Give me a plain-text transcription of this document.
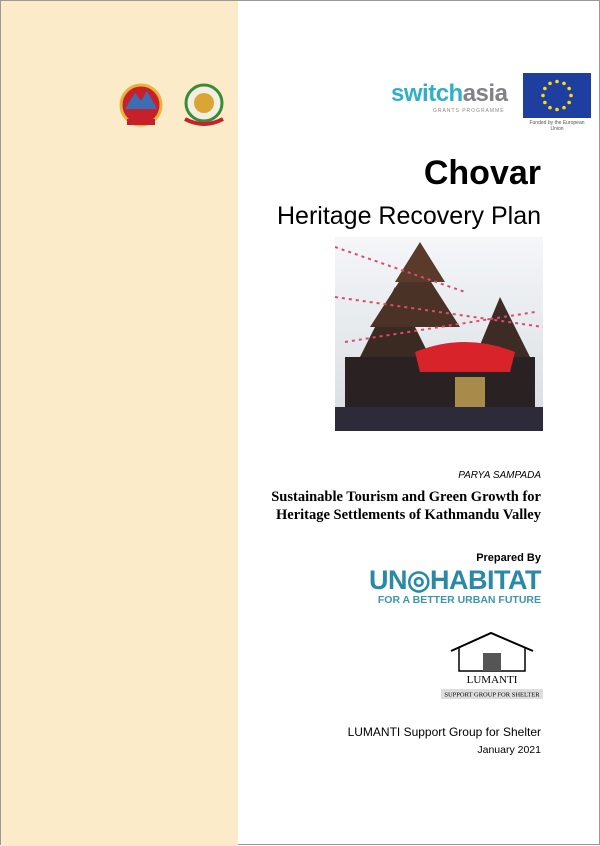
switchasia
GRANTS PROGRAMME
Funded by the European Union
Chovar
Heritage Recovery Plan
PARYA SAMPADA
Sustainable Tourism and Green Growth for
Heritage Settlements of Kathmandu Valley
Prepared By
UN◎HABITAT
FOR A BETTER URBAN FUTURE
LUMANTI
SUPPORT GROUP FOR SHELTER
LUMANTI Support Group for Shelter
January 2021
